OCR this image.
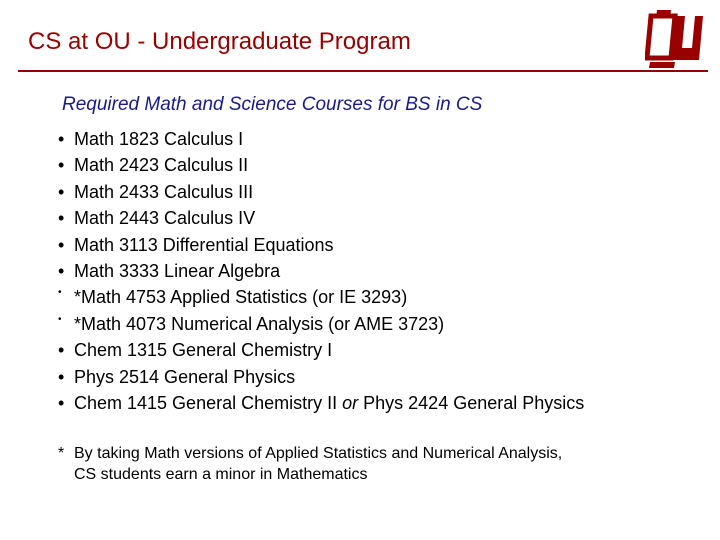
CS at OU - Undergraduate Program
Required Math and Science Courses for BS in CS
• Math 1823 Calculus I
• Math 2423 Calculus II
• Math 2433 Calculus III
• Math 2443 Calculus IV
• Math 3113 Differential Equations
• Math 3333 Linear Algebra
• *Math 4753 Applied Statistics (or IE 3293)
• *Math 4073 Numerical Analysis (or AME 3723)
• Chem 1315 General Chemistry I
• Phys 2514 General Physics
• Chem 1415 General Chemistry II or Phys 2424 General Physics
* By taking Math versions of Applied Statistics and Numerical Analysis,
CS students earn a minor in Mathematics
